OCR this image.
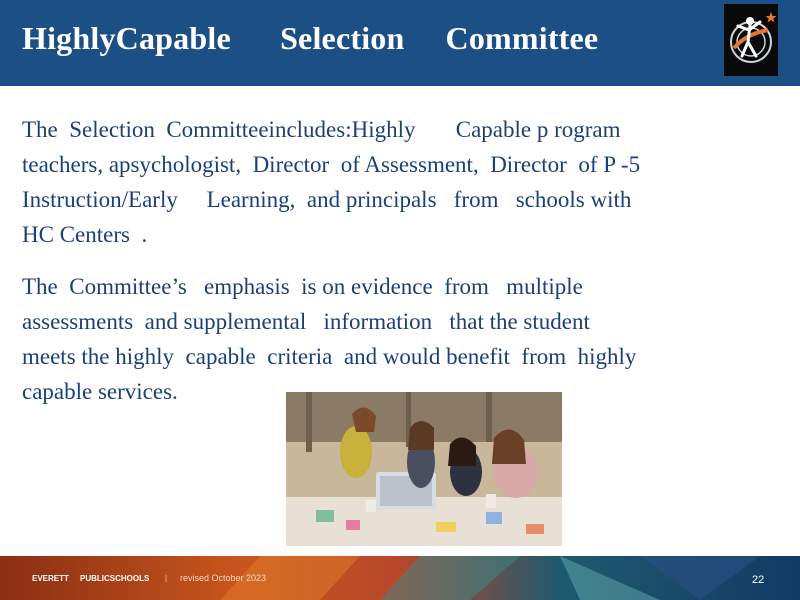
HighlyCapable      Selection     Committee
The  Selection  Committeeincludes:Highly       Capable p rogram
teachers, apsychologist,  Director  of Assessment,  Director  of P -5
Instruction/Early     Learning,  and principals   from   schools with
HC Centers  .
The  Committee’s   emphasis  is on evidence  from   multiple
assessments  and supplemental   information   that the student
meets the highly  capable  criteria  and would benefit  from  highly
capable services.
EVERETT     PUBLICSCHOOLS | revised October 2023	22
